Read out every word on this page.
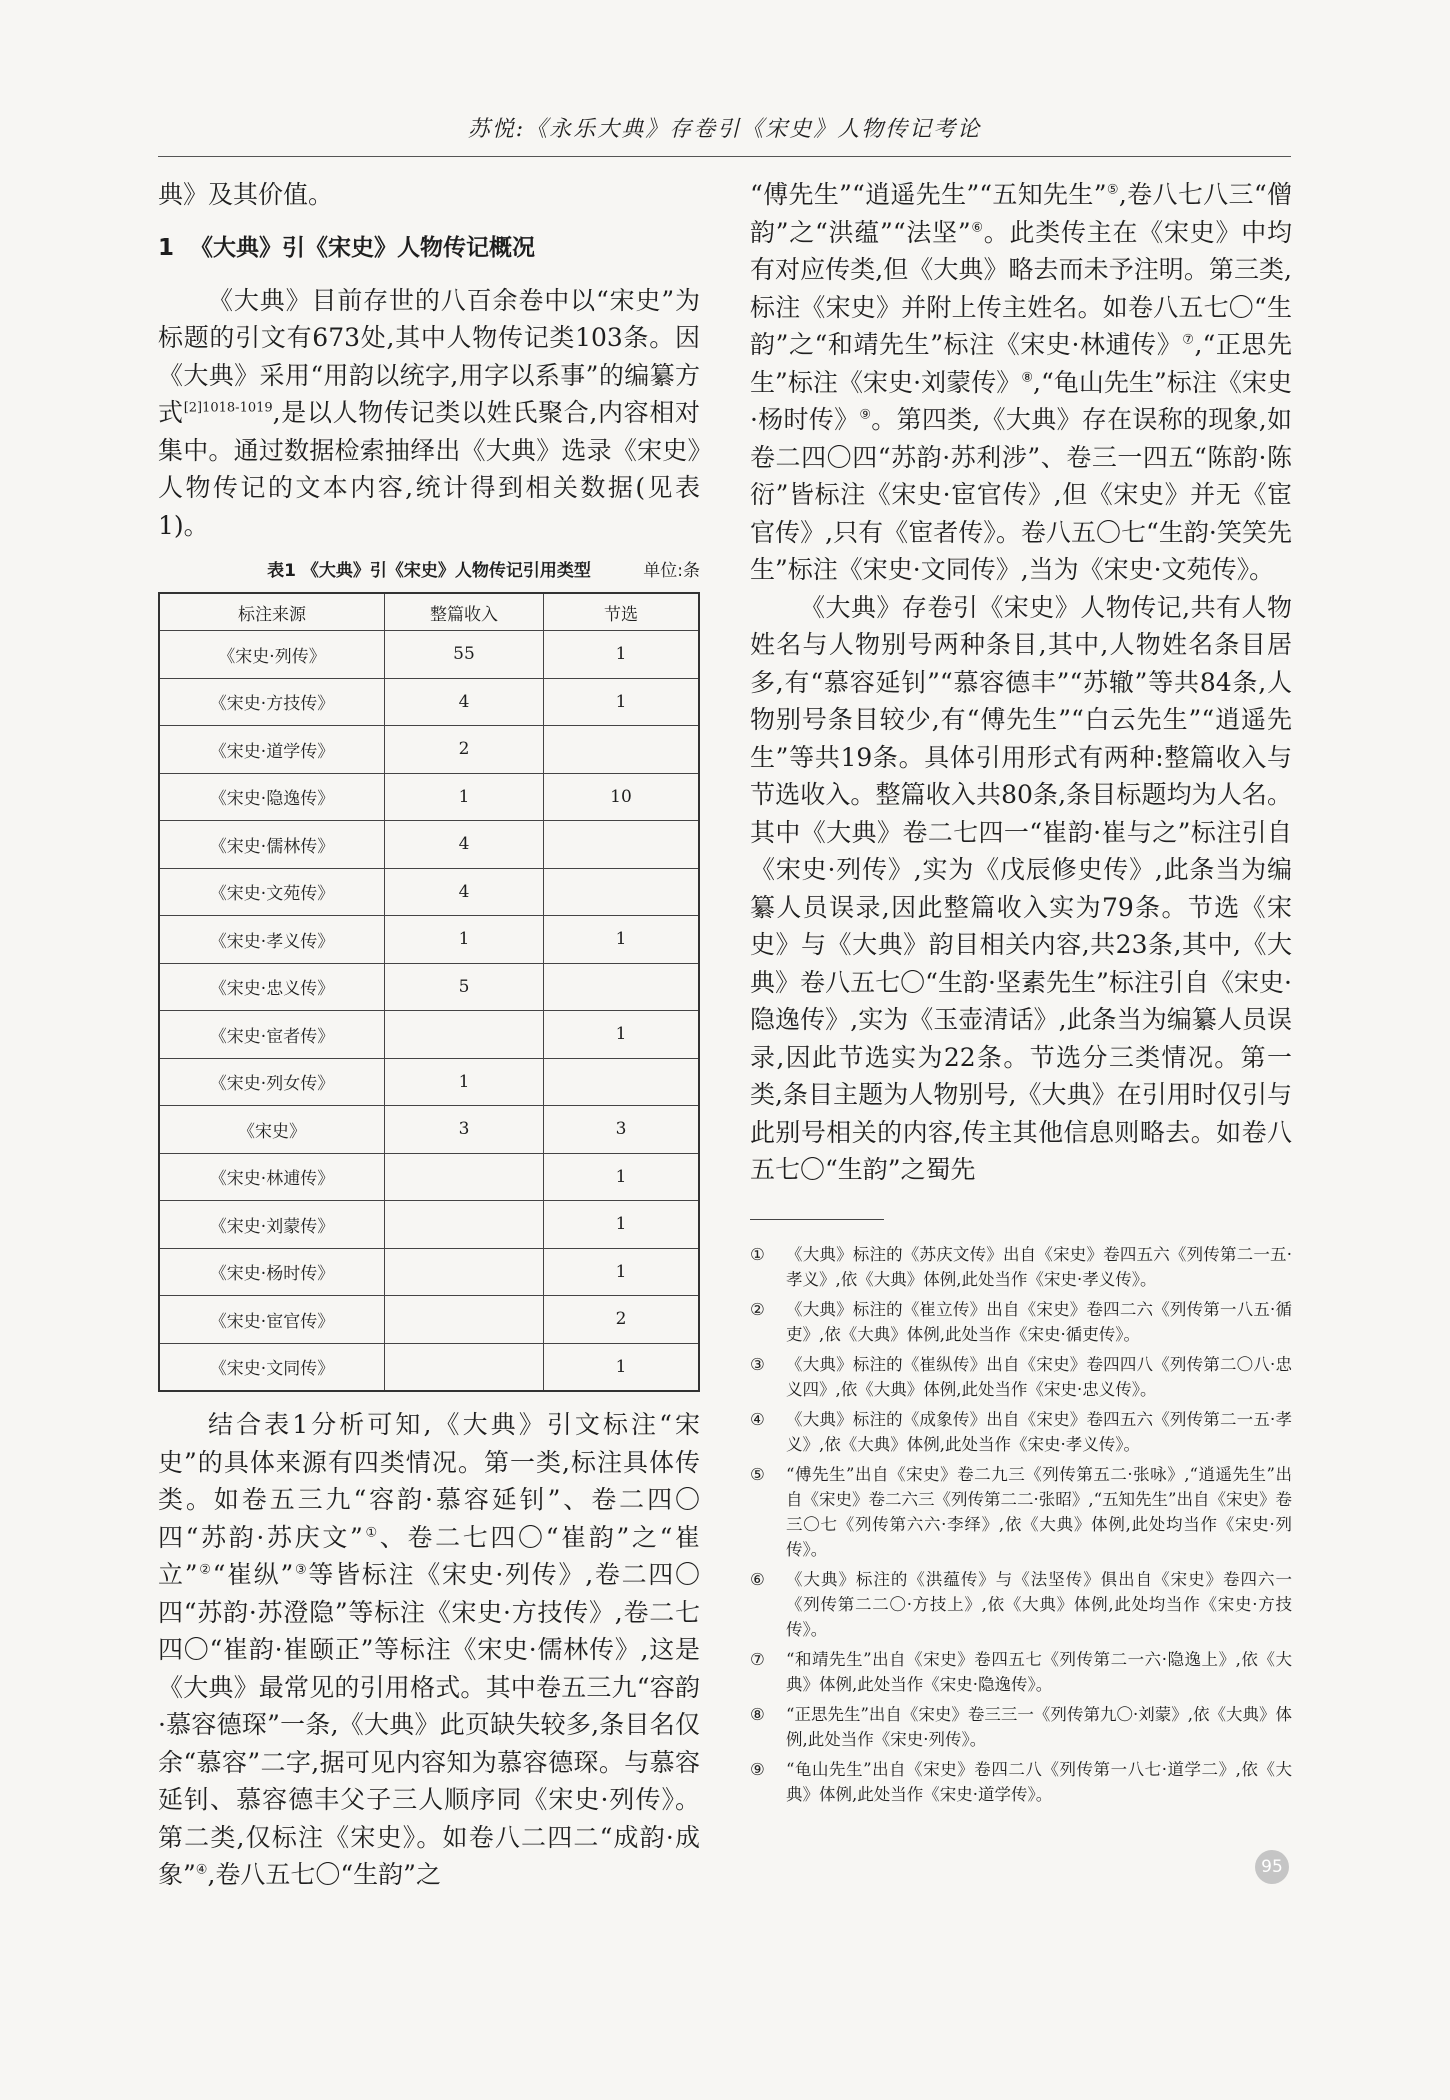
苏悦:《永乐大典》存卷引《宋史》人物传记考论

典》及其价值。

1 《大典》引《宋史》人物传记概况

《大典》目前存世的八百余卷中以“宋史”为标题的引文有673处,其中人物传记类103条。因《大典》采用“用韵以统字,用字以系事”的编纂方式$^{[2]1018-1019}$,是以人物传记类以姓氏聚合,内容相对集中。通过数据检索抽绎出《大典》选录《宋史》人物传记的文本内容,统计得到相关数据(见表1)。

表1 《大典》引《宋史》人物传记引用类型	单位:条
标注来源	整篇收入	节选
《宋史·列传》	55	1
《宋史·方技传》	4	1
《宋史·道学传》	2	
《宋史·隐逸传》	1	10
《宋史·儒林传》	4	
《宋史·文苑传》	4	
《宋史·孝义传》	1	1
《宋史·忠义传》	5	
《宋史·宦者传》		1
《宋史·列女传》	1	
《宋史》	3	3
《宋史·林逋传》		1
《宋史·刘蒙传》		1
《宋史·杨时传》		1
《宋史·宦官传》		2
《宋史·文同传》		1

结合表1分析可知,《大典》引文标注“宋史”的具体来源有四类情况。第一类,标注具体传类。如卷五三九“容韵·慕容延钊”、卷二四〇四“苏韵·苏庆文”①、卷二七四〇“崔韵”之“崔立”②“崔纵”③等皆标注《宋史·列传》,卷二四〇四“苏韵·苏澄隐”等标注《宋史·方技传》,卷二七四〇“崔韵·崔颐正”等标注《宋史·儒林传》,这是《大典》最常见的引用格式。其中卷五三九“容韵·慕容德琛”一条,《大典》此页缺失较多,条目名仅余“慕容”二字,据可见内容知为慕容德琛。与慕容延钊、慕容德丰父子三人顺序同《宋史·列传》。第二类,仅标注《宋史》。如卷八二四二“成韵·成象”④,卷八五七〇“生韵”之

“傅先生”“逍遥先生”“五知先生”⑤,卷八七八三“僧韵”之“洪蕴”“法坚”⑥。此类传主在《宋史》中均有对应传类,但《大典》略去而未予注明。第三类,标注《宋史》并附上传主姓名。如卷八五七〇“生韵”之“和靖先生”标注《宋史·林逋传》⑦,“正思先生”标注《宋史·刘蒙传》⑧,“龟山先生”标注《宋史·杨时传》⑨。第四类,《大典》存在误称的现象,如卷二四〇四“苏韵·苏利涉”、卷三一四五“陈韵·陈衍”皆标注《宋史·宦官传》,但《宋史》并无《宦官传》,只有《宦者传》。卷八五〇七“生韵·笑笑先生”标注《宋史·文同传》,当为《宋史·文苑传》。

《大典》存卷引《宋史》人物传记,共有人物姓名与人物别号两种条目,其中,人物姓名条目居多,有“慕容延钊”“慕容德丰”“苏辙”等共84条,人物别号条目较少,有“傅先生”“白云先生”“逍遥先生”等共19条。具体引用形式有两种:整篇收入与节选收入。整篇收入共80条,条目标题均为人名。其中《大典》卷二七四一“崔韵·崔与之”标注引自《宋史·列传》,实为《戊辰修史传》,此条当为编纂人员误录,因此整篇收入实为79条。节选《宋史》与《大典》韵目相关内容,共23条,其中,《大典》卷八五七〇“生韵·坚素先生”标注引自《宋史·隐逸传》,实为《玉壶清话》,此条当为编纂人员误录,因此节选实为22条。节选分三类情况。第一类,条目主题为人物别号,《大典》在引用时仅引与此别号相关的内容,传主其他信息则略去。如卷八五七〇“生韵”之蜀先

① 《大典》标注的《苏庆文传》出自《宋史》卷四五六《列传第二一五·孝义》,依《大典》体例,此处当作《宋史·孝义传》。
② 《大典》标注的《崔立传》出自《宋史》卷四二六《列传第一八五·循吏》,依《大典》体例,此处当作《宋史·循吏传》。
③ 《大典》标注的《崔纵传》出自《宋史》卷四四八《列传第二〇八·忠义四》,依《大典》体例,此处当作《宋史·忠义传》。
④ 《大典》标注的《成象传》出自《宋史》卷四五六《列传第二一五·孝义》,依《大典》体例,此处当作《宋史·孝义传》。
⑤ “傅先生”出自《宋史》卷二九三《列传第五二·张咏》,“逍遥先生”出自《宋史》卷二六三《列传第二二·张昭》,“五知先生”出自《宋史》卷三〇七《列传第六六·李绎》,依《大典》体例,此处均当作《宋史·列传》。
⑥ 《大典》标注的《洪蕴传》与《法坚传》俱出自《宋史》卷四六一《列传第二二〇·方技上》,依《大典》体例,此处均当作《宋史·方技传》。
⑦ “和靖先生”出自《宋史》卷四五七《列传第二一六·隐逸上》,依《大典》体例,此处当作《宋史·隐逸传》。
⑧ “正思先生”出自《宋史》卷三三一《列传第九〇·刘蒙》,依《大典》体例,此处当作《宋史·列传》。
⑨ “龟山先生”出自《宋史》卷四二八《列传第一八七·道学二》,依《大典》体例,此处当作《宋史·道学传》。
95
